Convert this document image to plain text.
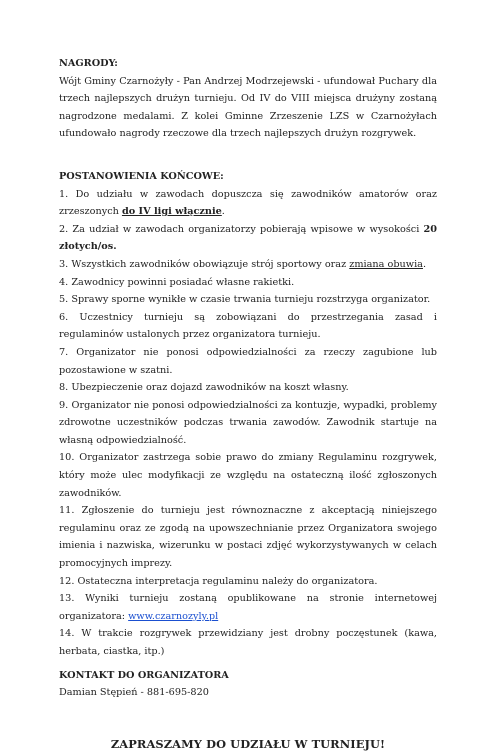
NAGRODY:

Wójt Gminy Czarnożyły - Pan Andrzej Modrzejewski - ufundował Puchary dla trzech najlepszych drużyn turnieju. Od IV do VIII miejsca drużyny zostaną nagrodzone medalami. Z kolei Gminne Zrzeszenie LZS w Czarnożyłach ufundowało nagrody rzeczowe dla trzech najlepszych drużyn rozgrywek.

POSTANOWIENIA KOŃCOWE:

1. Do udziału w zawodach dopuszcza się zawodników amatorów oraz zrzeszonych do IV ligi włącznie.

2. Za udział w zawodach organizatorzy pobierają wpisowe w wysokości 20 złotych/os.

3. Wszystkich zawodników obowiązuje strój sportowy oraz zmiana obuwia.

4. Zawodnicy powinni posiadać własne rakietki.

5. Sprawy sporne wynikłe w czasie trwania turnieju rozstrzyga organizator.

6. Uczestnicy turnieju są zobowiązani do przestrzegania zasad i regulaminów ustalonych przez organizatora turnieju.

7. Organizator nie ponosi odpowiedzialności za rzeczy zagubione lub pozostawione w szatni.

8. Ubezpieczenie oraz dojazd zawodników na koszt własny.

9. Organizator nie ponosi odpowiedzialności za kontuzje, wypadki, problemy zdrowotne uczestników podczas trwania zawodów. Zawodnik startuje na własną odpowiedzialność.

10. Organizator zastrzega sobie prawo do zmiany Regulaminu rozgrywek, który może ulec modyfikacji ze względu na ostateczną ilość zgłoszonych zawodników.

11. Zgłoszenie do turnieju jest równoznaczne z akceptacją niniejszego regulaminu oraz ze zgodą na upowszechnianie przez Organizatora swojego imienia i nazwiska, wizerunku w postaci zdjęć wykorzystywanych w celach promocyjnych imprezy.

12. Ostateczna interpretacja regulaminu należy do organizatora.

13. Wyniki turnieju zostaną opublikowane na stronie internetowej organizatora: www.czarnozyly.pl

14. W trakcie rozgrywek przewidziany jest drobny poczęstunek (kawa, herbata, ciastka, itp.)

KONTAKT DO ORGANIZATORA

Damian Stępień - 881-695-820

ZAPRASZAMY DO UDZIAŁU W TURNIEJU!
